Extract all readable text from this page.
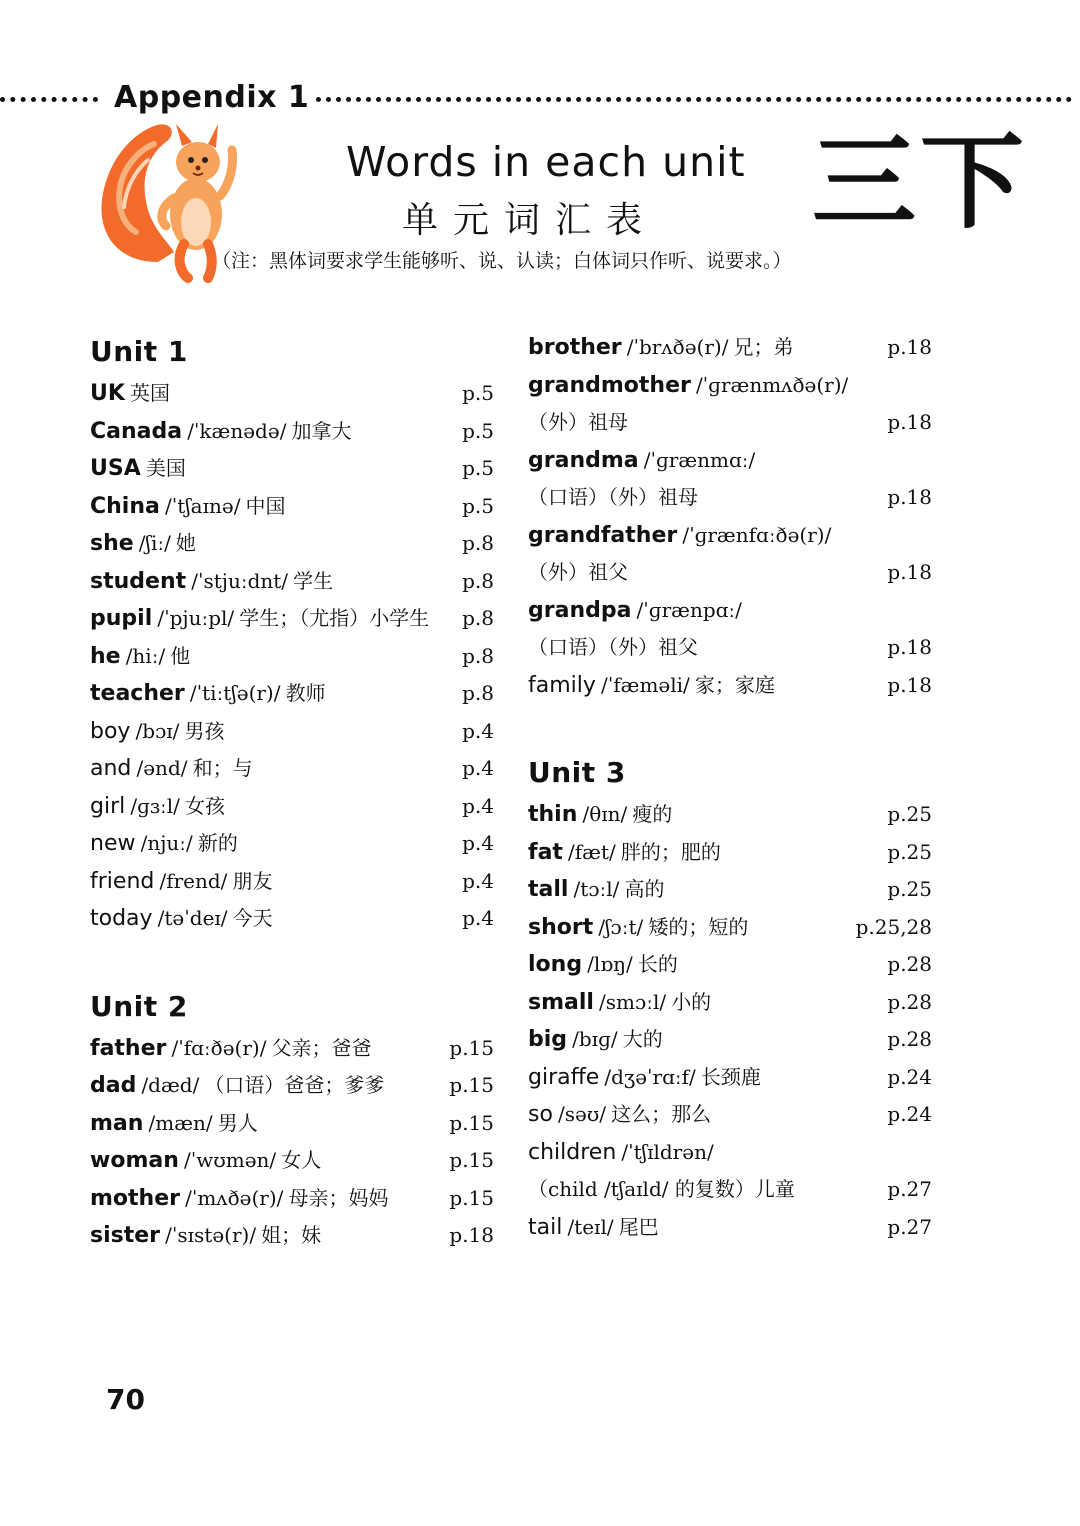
Appendix 1
Words in each unit
单元词汇表 三下
（注：黑体词要求学生能够听、说、认读；白体词只作听、说要求。）
Unit 1
UK 英国	p.5
Canada /ˈkænədə/ 加拿大	p.5
USA 美国	p.5
China /ˈtʃaɪnə/ 中国	p.5
she /ʃiː/ 她	p.8
student /ˈstjuːdnt/ 学生	p.8
pupil /ˈpjuːpl/ 学生；（尤指）小学生 p.8
he /hiː/ 他	p.8
teacher /ˈtiːtʃə(r)/ 教师	p.8
boy /bɔɪ/ 男孩	p.4
and /ənd/ 和；与	p.4
girl /ɡɜːl/ 女孩	p.4
new /njuː/ 新的	p.4
friend /frend/ 朋友	p.4
today /təˈdeɪ/ 今天	p.4
Unit 2
father /ˈfɑːðə(r)/ 父亲；爸爸	p.15
dad /dæd/ （口语）爸爸；爹爹	p.15
man /mæn/ 男人	p.15
woman /ˈwʊmən/ 女人	p.15
mother /ˈmʌðə(r)/ 母亲；妈妈	p.15
sister /ˈsɪstə(r)/ 姐；妹	p.18
brother /ˈbrʌðə(r)/ 兄；弟	p.18
grandmother /ˈɡrænmʌðə(r)/
（外）祖母	p.18
grandma /ˈɡrænmɑː/
（口语）（外）祖母	p.18
grandfather /ˈɡrænfɑːðə(r)/
（外）祖父	p.18
grandpa /ˈɡrænpɑː/
（口语）（外）祖父	p.18
family /ˈfæməli/ 家；家庭	p.18
Unit 3
thin /θɪn/ 瘦的	p.25
fat /fæt/ 胖的；肥的	p.25
tall /tɔːl/ 高的	p.25
short /ʃɔːt/ 矮的；短的	p.25,28
long /lɒŋ/ 长的	p.28
small /smɔːl/ 小的	p.28
big /bɪɡ/ 大的	p.28
giraffe /dʒəˈrɑːf/ 长颈鹿	p.24
so /səʊ/ 这么；那么	p.24
children /ˈtʃɪldrən/
（child /tʃaɪld/ 的复数）儿童	p.27
tail /teɪl/ 尾巴	p.27
70
